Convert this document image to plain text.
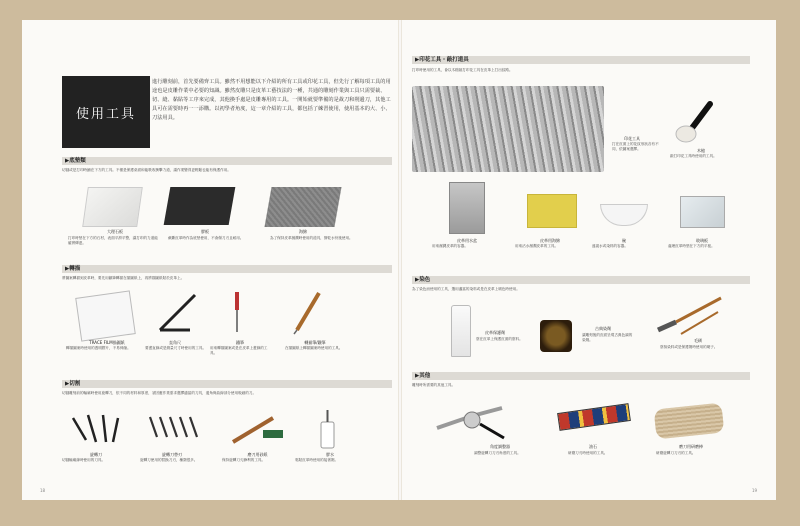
使用工具
進行雕刻前，首先要備齊工具。雖然不用想能以下介紹的所有工具或印花工具，但先行了解每項工具的用途也是皮雕作業中必要的知識。雖然皮雕只是皮革工藝技法的一種，共通的雕刻作業與工具只需要裁、切、縫、黏貼等工序來完成，其他換手處是皮雕專用的工具。一開始就要準備的是裁刀和削邊刀，其他工具可在需要時再一一添購。以初學者角度，這一章介紹的工具，都包括了練習使用，使用基本的大、小、刀法用具。
▶底墊類
切割或是打印時鋪在下方的工具。不僅是保護桌面和能吸收衝擊力道，讓作業變得更輕鬆也能有保護作用。
大理石板
打印時墊在下方的石材，表面平滑平整，讓打印的力道能確實傳達。
膠板
截斷皮革時作為底墊使用，不會傷刀刃且耐用。
海綿
為了保持皮革濕潤時使用的道具，擠乾水份後使用。
▶轉描
將圖案轉描到皮革時，要先用鐵筆轉描在描圖紙上，再將描圖紙貼於皮革上。
TRACE FILM描圖紙
轉描圖案時使用的透明膠片，不易伸縮。
直角尺
要畫直線或是測量尺寸時使用的工具。
鐵筆
用來轉描圖案或是在皮革上畫線的工具。
轉描筆/鐵筆
在描圖紙上轉描圖案時使用的工具。
▶切割
切割雕刻前的輪廓時使用旋轉刀，依不同的材料和厚度，須因應作業需求選擇適當的刀具，邊角與曲線部分使用較細的刀。
旋轉刀
切割輪廓線時使用的刀具。
旋轉刀替刃
旋轉刀使用的替換刀刃，種類很多。
磨刀用砂紙
保持旋轉刀刃鋒利的工具。
膠水
黏貼皮革時使用的接著劑。
18
▶印花工具・敲打道具
打印時使用的工具，會以木槌敲打印花工具在皮革上打出紋路。
印花工具
打在皮面上的花紋形狀各有不同，依圖案選擇。	木槌
敲打印花工具時使用的工具。
皮革用水盆
用來濕潤皮革的容器。
皮革用海綿
用來沾水濕潤皮革的工具。
碗
盛裝水或染料的容器。
玻璃板
處理皮革時墊在下方的平板。
▶染色
為了染色而使用的工具，選用適當的染料或是在皮革上刷色時使用。
皮革保護劑
塗在皮革上保護皮面的塗料。
古典染劑
讓雕刻後的皮面呈現古典色調的染劑。	毛刷
塗抹染料或是保護劑時使用的刷子。
▶其他
雕刻時所需要的其他工具。
角度調整器
調整旋轉刀刀刃角度的工具。
油石
研磨刀刃時使用的工具。
磨刀用研磨棒
研磨旋轉刀刀刃的工具。
19
